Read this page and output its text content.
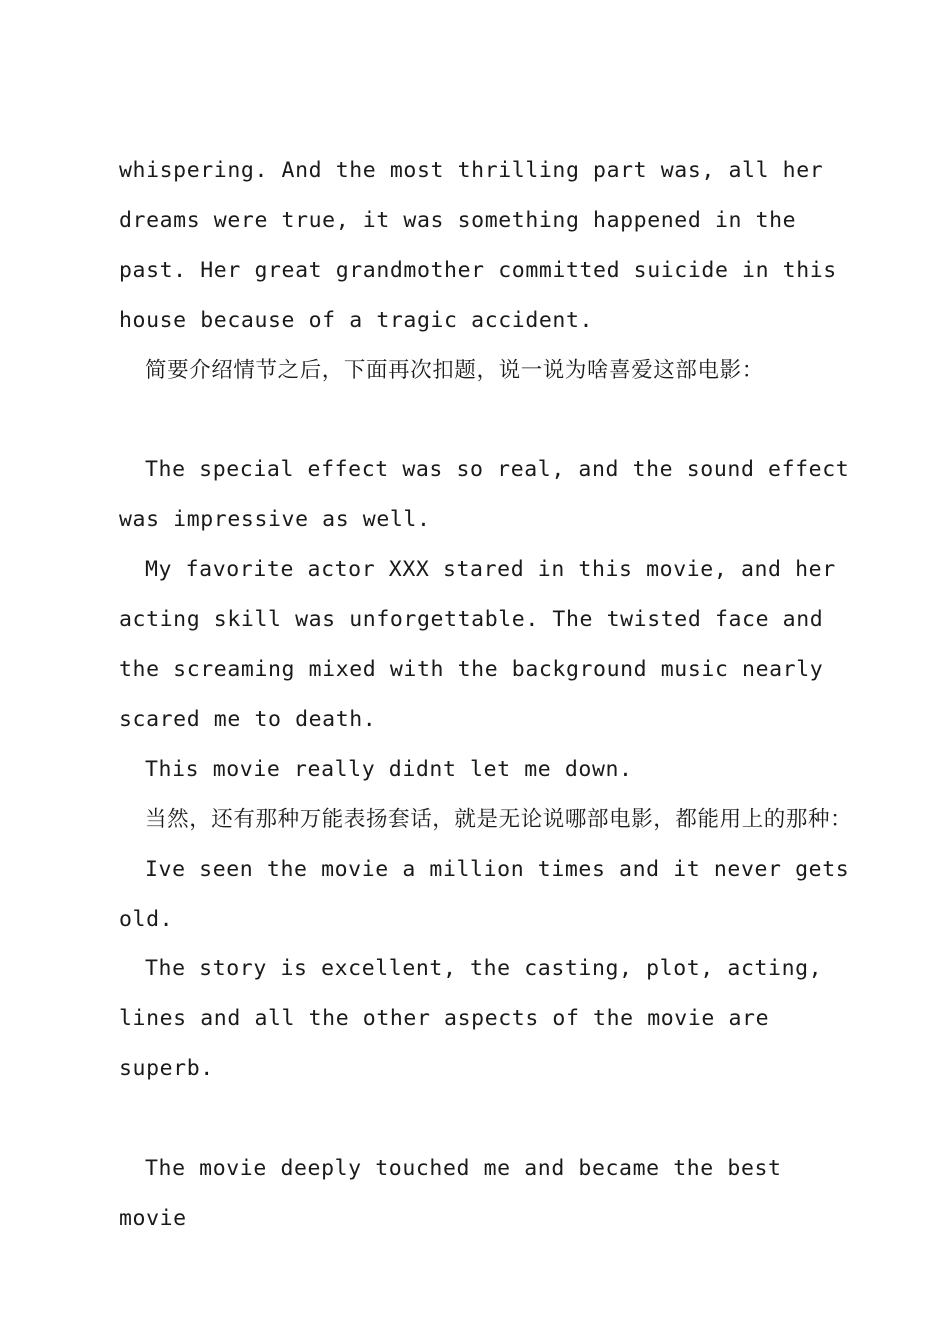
whispering. And the most thrilling part was, all her dreams were true, it was something happened in the past. Her great grandmother committed suicide in this house because of a tragic accident.

简要介绍情节之后，下面再次扣题，说一说为啥喜爱这部电影：

The special effect was so real, and the sound effect was impressive as well.

My favorite actor XXX stared in this movie, and her acting skill was unforgettable. The twisted face and the screaming mixed with the background music nearly scared me to death.

This movie really didnt let me down.

当然，还有那种万能表扬套话，就是无论说哪部电影，都能用上的那种：

Ive seen the movie a million times and it never gets old.

The story is excellent, the casting, plot, acting, lines and all the other aspects of the movie are superb.

The movie deeply touched me and became the best movie
